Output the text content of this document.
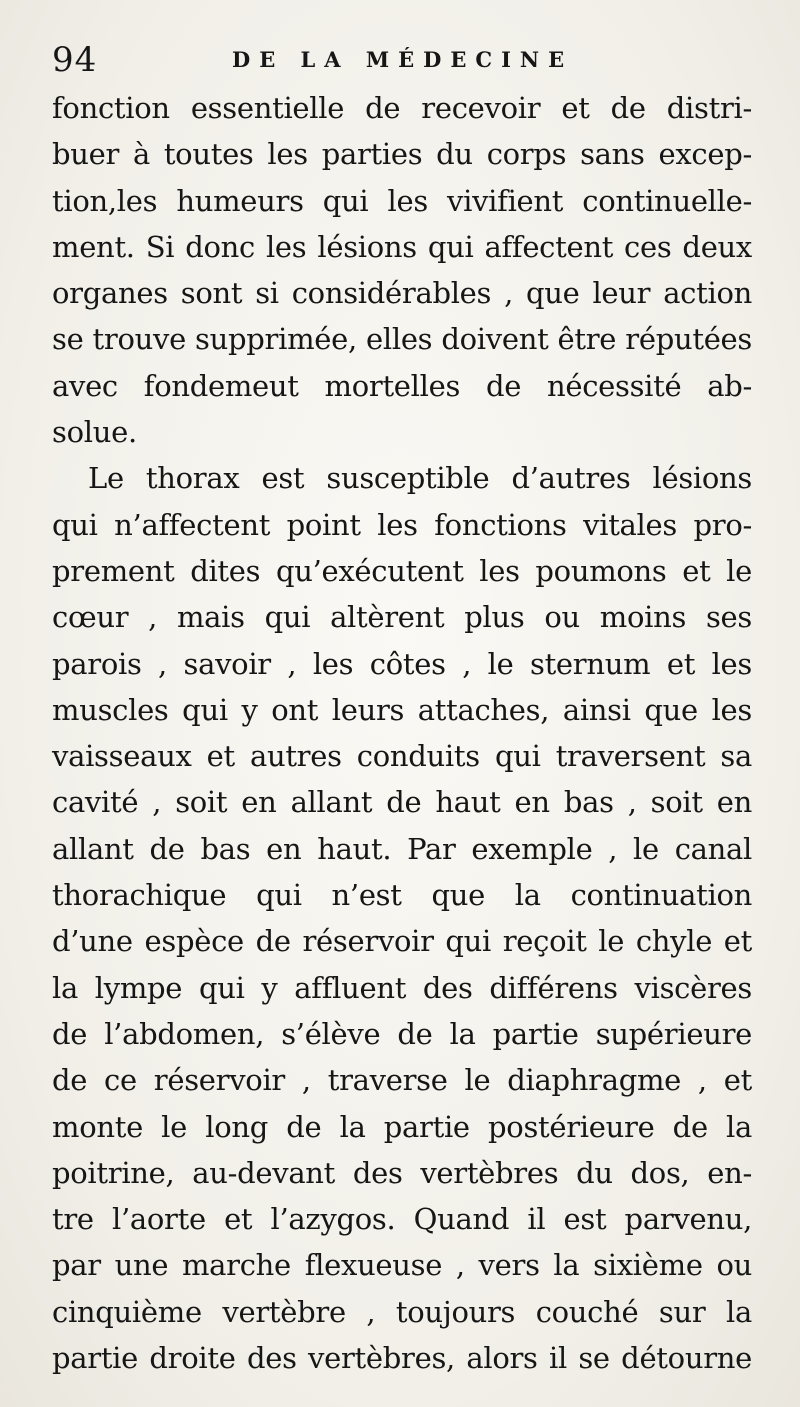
94	DE LA MÉDECINE
fonction essentielle de recevoir et de distri-
buer à toutes les parties du corps sans excep-
tion,les humeurs qui les vivifient continuelle-
ment. Si donc les lésions qui affectent ces deux
organes sont si considérables , que leur action
se trouve supprimée, elles doivent être réputées
avec fondemeut mortelles de nécessité ab-
solue.
Le thorax est susceptible d’autres lésions
qui n’affectent point les fonctions vitales pro-
prement dites qu’exécutent les poumons et le
cœur , mais qui altèrent plus ou moins ses
parois , savoir , les côtes , le sternum et les
muscles qui y ont leurs attaches, ainsi que les
vaisseaux et autres conduits qui traversent sa
cavité , soit en allant de haut en bas , soit en
allant de bas en haut. Par exemple , le canal
thorachique qui n’est que la continuation
d’une espèce de réservoir qui reçoit le chyle et
la lympe qui y affluent des différens viscères
de l’abdomen, s’élève de la partie supérieure
de ce réservoir , traverse le diaphragme , et
monte le long de la partie postérieure de la
poitrine, au-devant des vertèbres du dos, en-
tre l’aorte et l’azygos. Quand il est parvenu,
par une marche flexueuse , vers la sixième ou
cinquième vertèbre , toujours couché sur la
partie droite des vertèbres, alors il se détourne
